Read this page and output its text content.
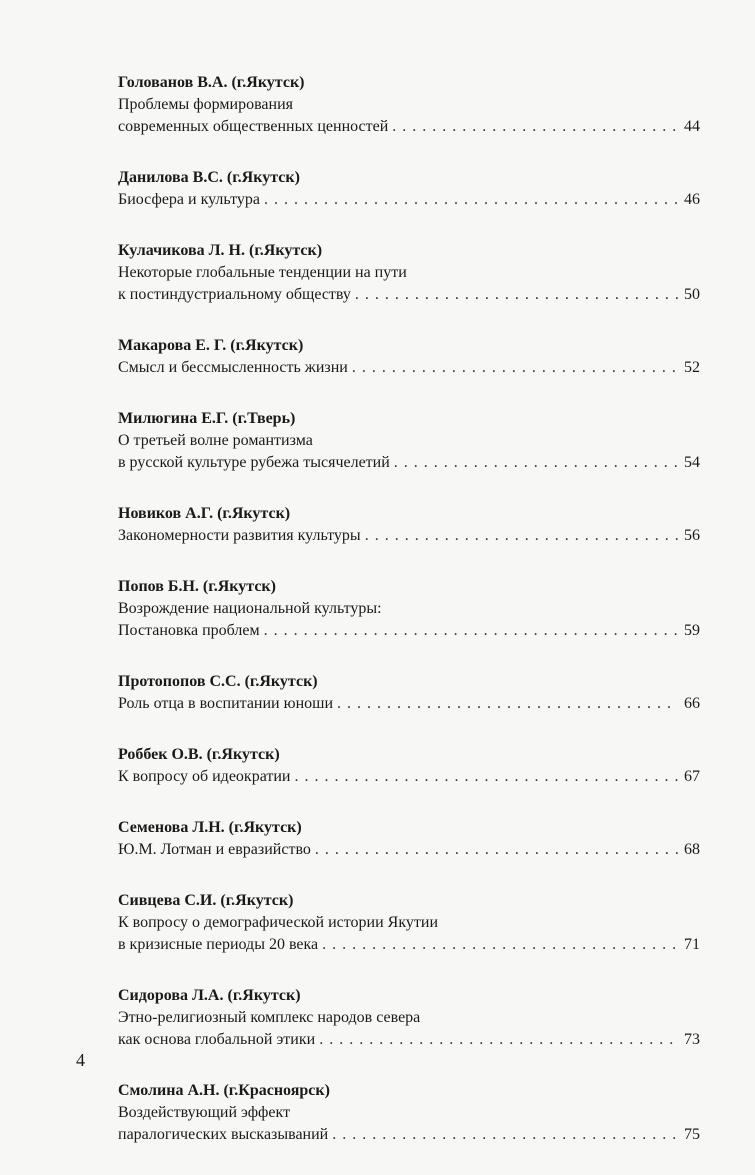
Голованов В.А. (г.Якутск)
Проблемы формирования
современных общественных ценностей . . .	44
Данилова В.С. (г.Якутск)
Биосфера и культура . . .	46
Кулачикова Л. Н. (г.Якутск)
Некоторые глобальные тенденции на пути
к постиндустриальному обществу . . .	50
Макарова Е. Г. (г.Якутск)
Смысл и бессмысленность жизни . . .	52
Милюгина Е.Г. (г.Тверь)
О третьей волне романтизма
в русской культуре рубежа тысячелетий . . .	54
Новиков А.Г. (г.Якутск)
Закономерности развития культуры . . .	56
Попов Б.Н. (г.Якутск)
Возрождение национальной культуры:
Постановка проблем . . .	59
Протопопов С.С. (г.Якутск)
Роль отца в воспитании юноши . . .	66
Роббек О.В. (г.Якутск)
К вопросу об идеократии . . .	67
Семенова Л.Н. (г.Якутск)
Ю.М. Лотман и евразийство . . .	68
Сивцева С.И. (г.Якутск)
К вопросу о демографической истории Якутии
в кризисные периоды 20 века . . .	71
Сидорова Л.А. (г.Якутск)
Этно-религиозный комплекс народов севера
как основа глобальной этики . . .	73
Смолина А.Н. (г.Красноярск)
Воздействующий эффект
паралогических высказываний . . .	75
4
